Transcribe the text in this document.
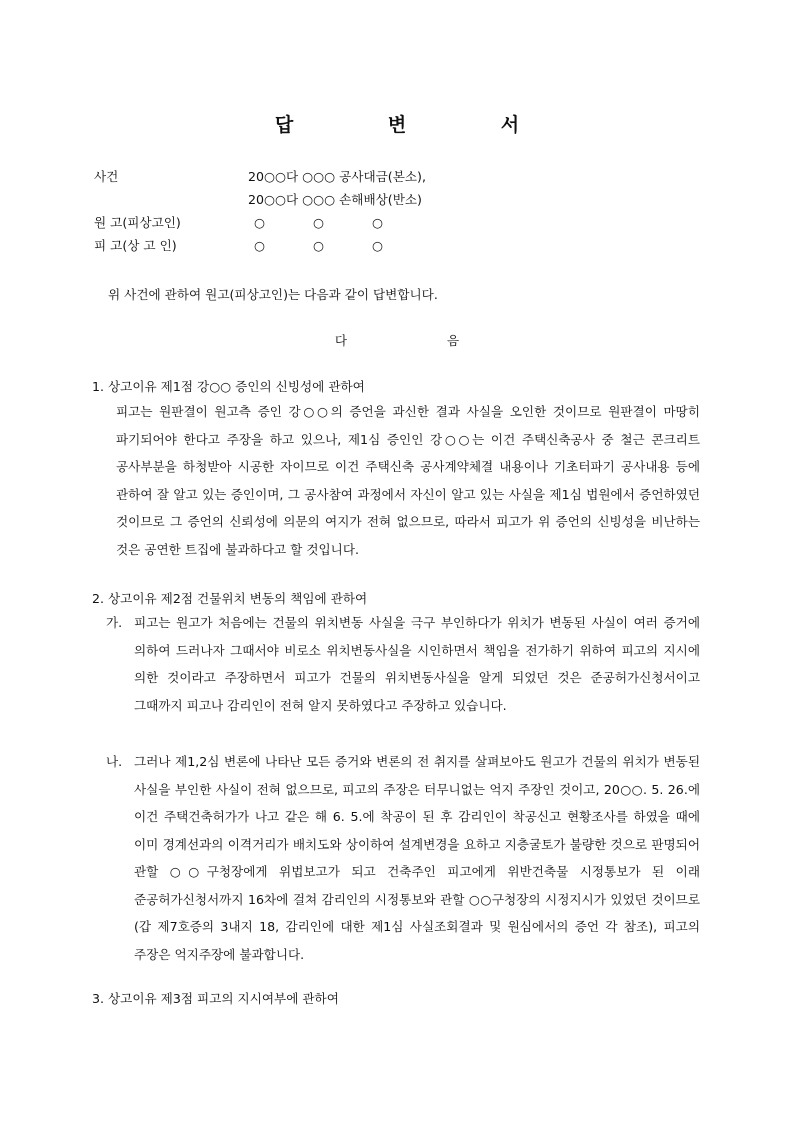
답 변 서
사건	20○○다 ○○○ 공사대금(본소),
20○○다 ○○○ 손해배상(반소)
원 고(피상고인)	○ ○ ○
피 고(상 고 인)	○ ○ ○
위 사건에 관하여 원고(피상고인)는 다음과 같이 답변합니다.
다 음
1. 상고이유 제1점 강○○ 증인의 신빙성에 관하여
피고는 원판결이 원고측 증인 강○○의 증언을 과신한 결과 사실을 오인한 것이므로 원판결이 마땅히 파기되어야 한다고 주장을 하고 있으나, 제1심 증인인 강○○는 이건 주택신축공사 중 철근 콘크리트 공사부분을 하청받아 시공한 자이므로 이건 주택신축 공사계약체결 내용이나 기초터파기 공사내용 등에 관하여 잘 알고 있는 증인이며, 그 공사참여 과정에서 자신이 알고 있는 사실을 제1심 법원에서 증언하였던 것이므로 그 증언의 신뢰성에 의문의 여지가 전혀 없으므로, 따라서 피고가 위 증언의 신빙성을 비난하는 것은 공연한 트집에 불과하다고 할 것입니다.
2. 상고이유 제2점 건물위치 변동의 책임에 관하여
가. 피고는 원고가 처음에는 건물의 위치변동 사실을 극구 부인하다가 위치가 변동된 사실이 여러 증거에 의하여 드러나자 그때서야 비로소 위치변동사실을 시인하면서 책임을 전가하기 위하여 피고의 지시에 의한 것이라고 주장하면서 피고가 건물의 위치변동사실을 알게 되었던 것은 준공허가신청서이고 그때까지 피고나 감리인이 전혀 알지 못하였다고 주장하고 있습니다.
나. 그러나 제1,2심 변론에 나타난 모든 증거와 변론의 전 취지를 살펴보아도 원고가 건물의 위치가 변동된 사실을 부인한 사실이 전혀 없으므로, 피고의 주장은 터무니없는 억지 주장인 것이고, 20○○. 5. 26.에 이건 주택건축허가가 나고 같은 해 6. 5.에 착공이 된 후 감리인이 착공신고 현황조사를 하였을 때에 이미 경계선과의 이격거리가 배치도와 상이하여 설계변경을 요하고 지층굴토가 불량한 것으로 판명되어 관할 ○○구청장에게 위법보고가 되고 건축주인 피고에게 위반건축물 시정통보가 된 이래 준공허가신청서까지 16차에 걸쳐 감리인의 시정통보와 관할 ○○구청장의 시정지시가 있었던 것이므로(갑 제7호증의 3내지 18, 감리인에 대한 제1심 사실조회결과 및 원심에서의 증언 각 참조), 피고의 주장은 억지주장에 불과합니다.
3. 상고이유 제3점 피고의 지시여부에 관하여
